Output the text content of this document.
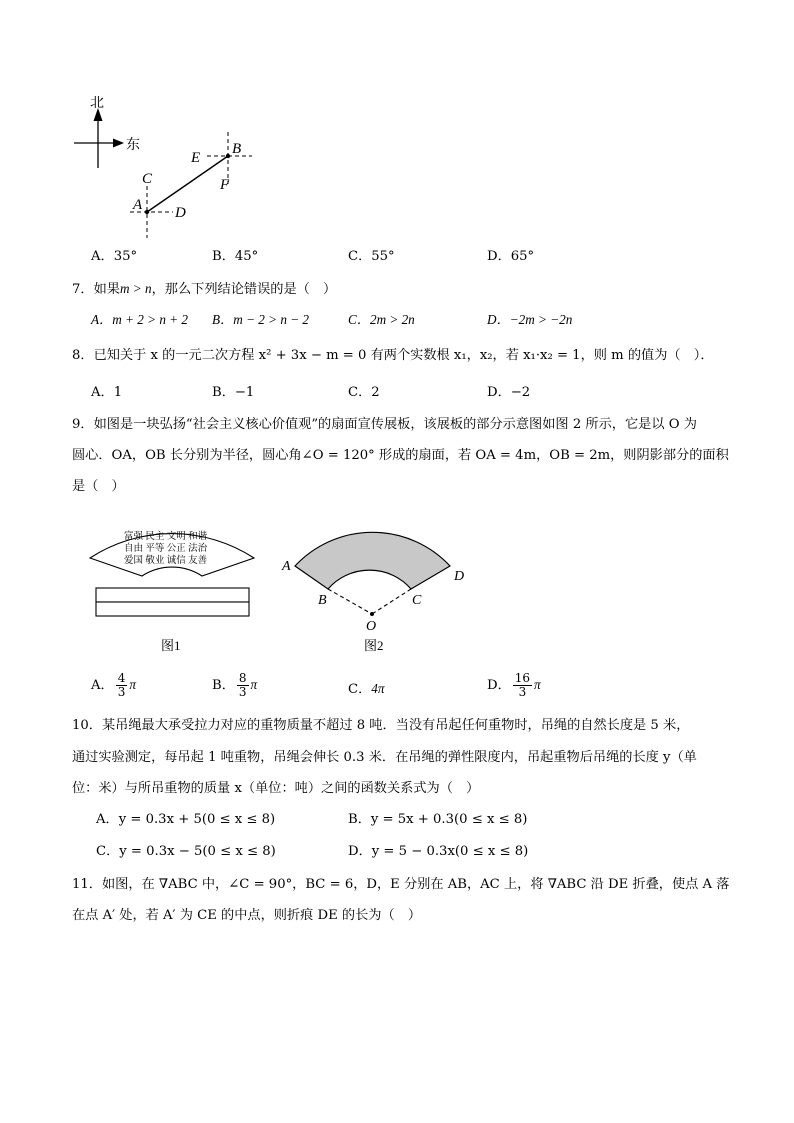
北
东
C
A D
E
B
F
A．35°	B．45°	C．55°	D．65°
7．如果m > n，那么下列结论错误的是（　）
A．m + 2 > n + 2 B．m − 2 > n − 2	C．2m > 2n	D．−2m > −2n
8．已知关于 x 的一元二次方程 x² + 3x − m = 0 有两个实数根 x₁，x₂，若 x₁·x₂ = 1，则 m 的值为（　）．
A．1	B．−1	C．2	D．−2
9．如图是一块弘扬“社会主义核心价值观”的扇面宣传展板，该展板的部分示意图如图 2 所示，它是以 O 为
圆心．OA，OB 长分别为半径，圆心角∠O = 120° 形成的扇面，若 OA = 4m，OB = 2m，则阴影部分的面积
是（　）
富强 民主 文明 和谐
自由 平等 公正 法治
爱国 敬业 诚信 友善
图1
A
B	C
D
O
图2
A． $\frac{4}{3}$ π	B． $\frac{8}{3}$ π	C．4π	D． $\frac{16}{3}$ π
10．某吊绳最大承受拉力对应的重物质量不超过 8 吨．当没有吊起任何重物时，吊绳的自然长度是 5 米，
通过实验测定，每吊起 1 吨重物，吊绳会伸长 0.3 米．在吊绳的弹性限度内，吊起重物后吊绳的长度 y（单
位：米）与所吊重物的质量 x（单位：吨）之间的函数关系式为（　）
A．y = 0.3x + 5(0 ≤ x ≤ 8)	B．y = 5x + 0.3(0 ≤ x ≤ 8)
C．y = 0.3x − 5(0 ≤ x ≤ 8)	D．y = 5 − 0.3x(0 ≤ x ≤ 8)
11．如图，在 ∇ABC 中，∠C = 90°，BC = 6，D，E 分别在 AB，AC 上，将 ∇ABC 沿 DE 折叠，使点 A 落
在点 A′ 处，若 A′ 为 CE 的中点，则折痕 DE 的长为（　）
